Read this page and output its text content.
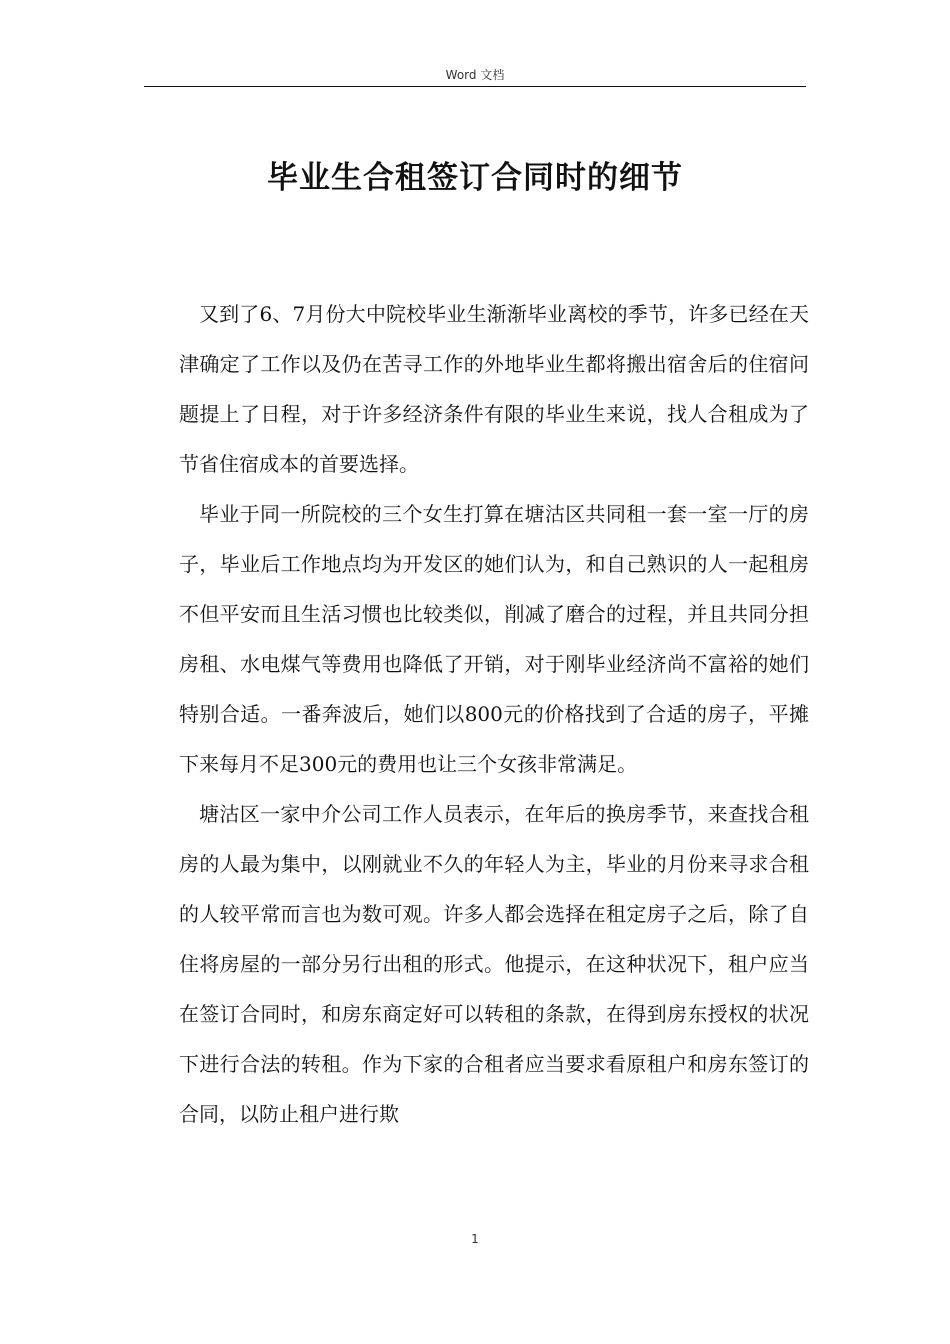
Word 文档
毕业生合租签订合同时的细节

又到了6、7月份大中院校毕业生渐渐毕业离校的季节，许多已经在天津确定了工作以及仍在苦寻工作的外地毕业生都将搬出宿舍后的住宿问题提上了日程，对于许多经济条件有限的毕业生来说，找人合租成为了节省住宿成本的首要选择。

毕业于同一所院校的三个女生打算在塘沽区共同租一套一室一厅的房子，毕业后工作地点均为开发区的她们认为，和自己熟识的人一起租房不但平安而且生活习惯也比较类似，削减了磨合的过程，并且共同分担房租、水电煤气等费用也降低了开销，对于刚毕业经济尚不富裕的她们特别合适。一番奔波后，她们以800元的价格找到了合适的房子，平摊下来每月不足300元的费用也让三个女孩非常满足。

塘沽区一家中介公司工作人员表示，在年后的换房季节，来查找合租房的人最为集中，以刚就业不久的年轻人为主，毕业的月份来寻求合租的人较平常而言也为数可观。许多人都会选择在租定房子之后，除了自住将房屋的一部分另行出租的形式。他提示，在这种状况下，租户应当在签订合同时，和房东商定好可以转租的条款，在得到房东授权的状况下进行合法的转租。作为下家的合租者应当要求看原租户和房东签订的合同，以防止租户进行欺

1
